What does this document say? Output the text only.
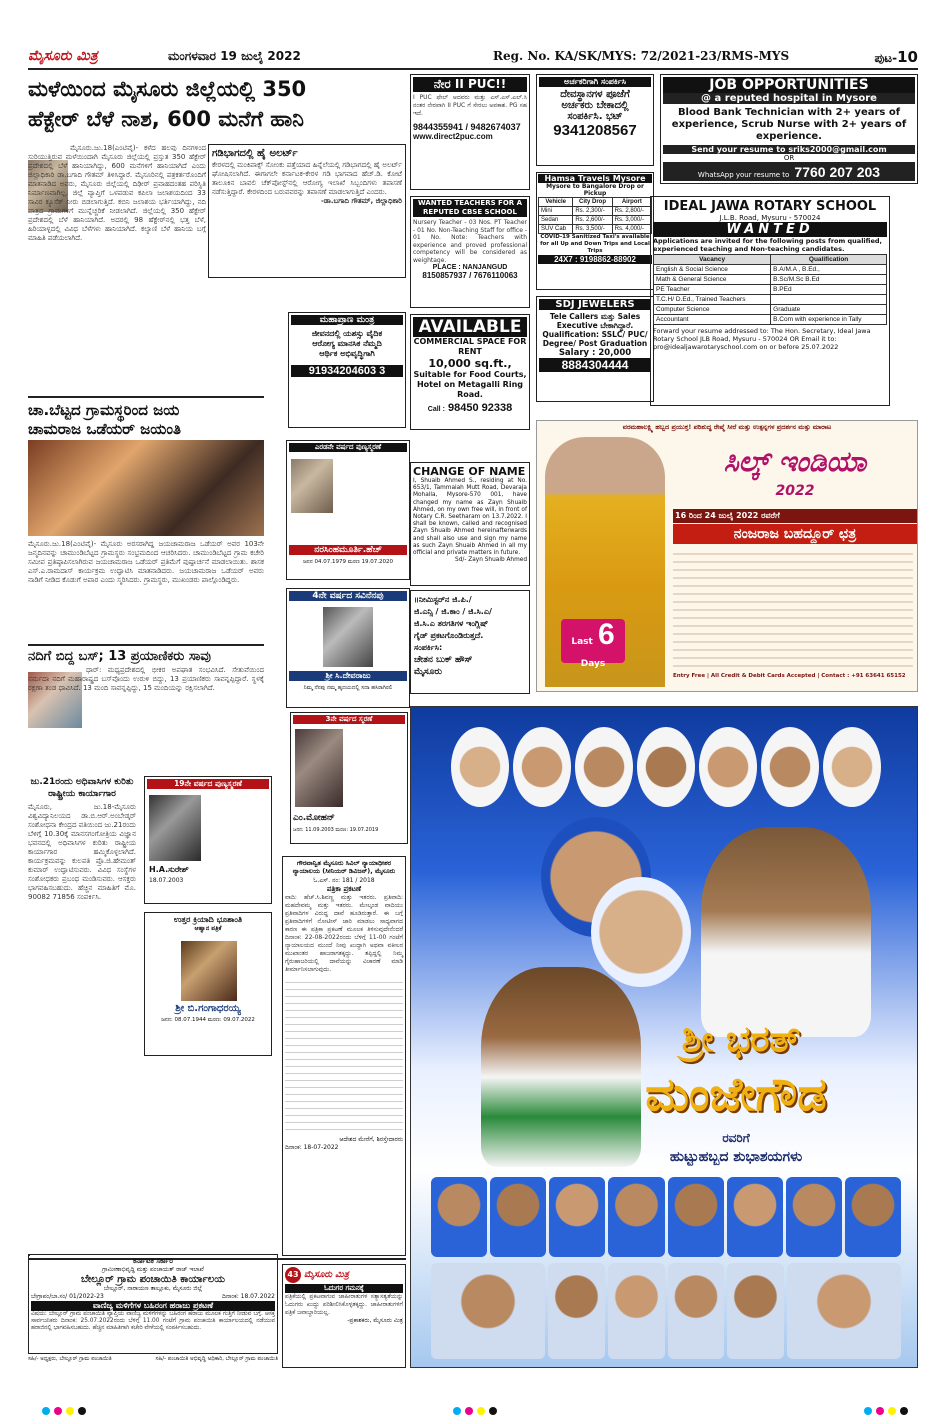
ಮೈಸೂರು ಮಿತ್ರ	ಮಂಗಳವಾರ 19 ಜುಲೈ 2022	Reg. No. KA/SK/MYS: 72/2021-23/RMS-MYS	ಪುಟ-10
ಮಳೆಯಿಂದ ಮೈಸೂರು ಜಿಲ್ಲೆಯಲ್ಲಿ 350
ಹೆಕ್ಟೇರ್ ಬೆಳೆ ನಾಶ, 600 ಮನೆಗೆ ಹಾನಿ
ಮೈಸೂರು.ಜು.18(ಎಂಟಿವೈ)- ಕಳೆದ ಹಲವು ದಿನಗಳಿಂದ ಸುರಿಯುತ್ತಿರುವ ಮಳೆಯಿಂದಾಗಿ ಮೈಸೂರು ಜಿಲ್ಲೆಯಲ್ಲಿ ಪ್ರಸ್ತುತ 350 ಹೆಕ್ಟೇರ್ ಪ್ರದೇಶದಲ್ಲಿ ಬೆಳೆ ಹಾನಿಯಾಗಿದ್ದು, 600 ಮನೆಗಳಿಗೆ ಹಾನಿಯಾಗಿದೆ ಎಂದು ಜಿಲ್ಲಾಧಿಕಾರಿ ಡಾ.ಬಗಾದಿ ಗೌತಮ್ ತಿಳಿಸಿದ್ದಾರೆ. ಮೈಸೂರಿನಲ್ಲಿ ಪತ್ರಕರ್ತರೊಂದಿಗೆ ಮಾತನಾಡಿದ ಅವರು, ಮೈಸೂರು ಜಿಲ್ಲೆಯಲ್ಲಿ ದಿಢೀರ್ ಪ್ರವಾಹದಂತಹ ಪರಿಸ್ಥಿತಿ ನಿರ್ಮಾಣವಾಗಿಲ್ಲ. ಜಿಲ್ಲೆ ವ್ಯಾಪ್ತಿಗೆ ಒಳಪಡುವ ಕಪಿಲಾ ಜಲಾಶಯದಿಂದ 33 ಸಾವಿರ ಕ್ಯೂಸೆಕ್ ನೀರು ಬಿಡಲಾಗುತ್ತಿದೆ. ಕಬಿನಿ ಜಲಾಶಯ ಭರ್ತಿಯಾಗಿದ್ದು, ನದಿ ಪಾತ್ರದ ಗ್ರಾಮಗಳಿಗೆ ಮುನ್ನೆಚ್ಚರಿಕೆ ನೀಡಲಾಗಿದೆ. ಜಿಲ್ಲೆಯಲ್ಲಿ 350 ಹೆಕ್ಟೇರ್ ಪ್ರದೇಶದಲ್ಲಿ ಬೆಳೆ ಹಾನಿಯಾಗಿದೆ. ಅದರಲ್ಲಿ 98 ಹೆಕ್ಟೇರ್‌ನಲ್ಲಿ ಭತ್ತ ಬೆಳೆ, ಹಿರಿಯಾಳ್ಳದಲ್ಲಿ ವಿವಿಧ ಬೆಳೆಗಳು ಹಾನಿಯಾಗಿದೆ. ಕಲ್ಯಾಣಿ ಬೆಳೆ ಹಾನಿಯ ಬಗ್ಗೆ ಮಾಹಿತಿ ಪಡೆಯಲಾಗಿದೆ.
ಗಡಿಭಾಗದಲ್ಲಿ ಹೈ ಅಲರ್ಟ್
ಕೇರಳದಲ್ಲಿ ಮಂಕಿಪಾಕ್ಸ್ ಸೋಂಕು ಪತ್ತೆಯಾದ ಹಿನ್ನೆಲೆಯಲ್ಲಿ ಗಡಿಭಾಗದಲ್ಲಿ ಹೈ ಅಲರ್ಟ್ ಘೋಷಿಸಲಾಗಿದೆ. ಈಗಾಗಲೇ ಕರ್ನಾಟಕ-ಕೇರಳ ಗಡಿ ಭಾಗವಾದ ಹೆಚ್.ಡಿ. ಕೋಟೆ ತಾಲೂಕಿನ ಬಾವಲಿ ಚೆಕ್‌ಪೋಸ್ಟ್‌ನಲ್ಲಿ ಆರೋಗ್ಯ ಇಲಾಖೆ ಸಿಬ್ಬಂದಿಗಳು ತಪಾಸಣೆ ನಡೆಸುತ್ತಿದ್ದಾರೆ. ಕೇರಳದಿಂದ ಬರುವವರನ್ನು ತಪಾಸಣೆ ಮಾಡಲಾಗುತ್ತಿದೆ ಎಂದರು.
-ಡಾ.ಬಗಾದಿ ಗೌತಮ್, ಜಿಲ್ಲಾಧಿಕಾರಿ
ನೇರ II PUC!!
I PUC ಫೇಲ್ ಆದವರು ಮತ್ತು ಎಸ್.ಎಸ್.ಎಲ್.ಸಿ ನಂತರ ನೇರವಾಗಿ II PUC ಗೆ ಸೇರಲು ಅವಕಾಶ. PG ಸಹ ಇದೆ.
9844355941 / 9482674037
www.direct2puc.com
WANTED TEACHERS FOR A REPUTED CBSE SCHOOL
Nursery Teacher - 03 Nos. PT Teacher - 01 No. Non-Teaching Staff for office - 01 No. Note: Teachers with experience and proved professional competency will be considered as weightage.
PLACE : NANJANGUD
8150857937 / 7676110063
AVAILABLE
COMMERCIAL SPACE FOR RENT
10,000 sq.ft.,
Suitable for Food Courts, Hotel on Metagalli Ring Road.
Call : 98450 92338
ಅರ್ಚಕರಿಗಾಗಿ ಸಂಪರ್ಕಿಸಿ
ದೇವಸ್ಥಾನಗಳ ಪೂಜೆಗೆ
ಅರ್ಚಕರು ಬೇಕಾದಲ್ಲಿ
ಸಂಪರ್ಕಿಸಿ. ಭಟ್
9341208567
Hamsa Travels Mysore
Mysore to Bangalore Drop or Pickup
Vehicle	City Drop	Airport
Mini	Rs. 2,300/-	Rs. 2,800/-
Sedan	Rs. 2,600/-	Rs. 3,000/-
SUV Cab	Rs. 3,500/-	Rs. 4,000/-
COVID-19 Sanitized Taxi's available for all Up and Down Trips and Local Trips
24X7 : 9198862-88902
SDJ JEWELERS
Tele Callers ಮತ್ತು Sales Executive ಬೇಕಾಗಿದ್ದಾರೆ.
Qualification: SSLC/ PUC/ Degree/ Post Graduation
Salary : 20,000
8884304444
JOB OPPORTUNITIES
@ a reputed hospital in Mysore
Blood Bank Technician with 2+ years of experience, Scrub Nurse with 2+ years of experience.
Send your resume to sriks2000@gmail.com
OR
WhatsApp your resume to 7760 207 203
IDEAL JAWA ROTARY SCHOOL
J.L.B. Road, Mysuru - 570024
WANTED
Applications are invited for the following posts from qualified, experienced teaching and Non-teaching candidates.
Vacancy	Qualification
English & Social Science	B.A/M.A , B.Ed.,
Math & General Science	B.Sc/M.Sc B.Ed
PE Teacher	B.PEd
T.C.H/ D.Ed., Trained Teachers	
Computer Science	Graduate
Accountant	B.Com with experience in Tally
Forward your resume addressed to: The Hon. Secretary, Ideal Jawa Rotary School JLB Road, Mysuru - 570024 OR Email it to: pro@idealjawarotaryschool.com on or before 25.07.2022
ವರಮಹಾಲಕ್ಷ್ಮಿ ಹಬ್ಬದ ಪ್ರಯುಕ್ತ! ಪರಿಶುದ್ಧ ರೇಷ್ಮೆ ಸೀರೆ ಮತ್ತು ಉತ್ಪನ್ನಗಳ ಪ್ರದರ್ಶನ ಮತ್ತು ಮಾರಾಟ
Last 6 Days
ಸಿಲ್ಕ್ ಇಂಡಿಯಾ
2022
16 ರಿಂದ 24 ಜುಲೈ 2022 ರವರೆಗೆ
ನಂಜರಾಜ ಬಹದ್ದೂರ್ ಛತ್ರ
Entry Free | All Credit & Debit Cards Accepted | Contact : +91 63641 65152
ಚಾ.ಬೆಟ್ಟದ ಗ್ರಾಮಸ್ಥರಿಂದ ಜಯ
ಚಾಮರಾಜ ಒಡೆಯರ್ ಜಯಂತಿ
ಮೈಸೂರು.ಜು.18(ಎಂಟಿವೈ)- ಮೈಸೂರು ಅರಸರಾಗಿದ್ದ ಜಯಚಾಮರಾಜ ಒಡೆಯರ್ ಅವರ 103ನೇ ಜನ್ಮದಿನವನ್ನು ಚಾಮುಂಡಿಬೆಟ್ಟದ ಗ್ರಾಮಸ್ಥರು ಸಂಭ್ರಮದಿಂದ ಆಚರಿಸಿದರು. ಚಾಮುಂಡಿಬೆಟ್ಟದ ಗ್ರಾಮ ಕಚೇರಿ ಸಮೀಪ ಪ್ರತಿಷ್ಠಾಪಿಸಲಾಗಿರುವ ಜಯಚಾಮರಾಜ ಒಡೆಯರ್ ಪ್ರತಿಮೆಗೆ ಪುಷ್ಪಾರ್ಚನೆ ಮಾಡಲಾಯಿತು. ಶಾಸಕ ಎಸ್.ಎ.ರಾಮದಾಸ್ ಕಾರ್ಯಕ್ರಮ ಉದ್ಘಾಟಿಸಿ ಮಾತನಾಡಿದರು. ಜಯಚಾಮರಾಜ ಒಡೆಯರ್ ಅವರು ನಾಡಿಗೆ ನೀಡಿದ ಕೊಡುಗೆ ಅಪಾರ ಎಂದು ಸ್ಮರಿಸಿದರು. ಗ್ರಾಮಸ್ಥರು, ಮುಖಂಡರು ಪಾಲ್ಗೊಂಡಿದ್ದರು.
ನದಿಗೆ ಬಿದ್ದ ಬಸ್; 13 ಪ್ರಯಾಣಿಕರು ಸಾವು
ಧಾರ್: ಮಧ್ಯಪ್ರದೇಶದಲ್ಲಿ ಭೀಕರ ಅಪಘಾತ ಸಂಭವಿಸಿದೆ. ಸೇತುವೆಯಿಂದ ನರ್ಮದಾ ನದಿಗೆ ಮಹಾರಾಷ್ಟ್ರದ ಬಸ್‌ವೊಂದು ಉರುಳಿ ಬಿದ್ದು, 13 ಪ್ರಯಾಣಿಕರು ಸಾವನ್ನಪ್ಪಿದ್ದಾರೆ. ಸ್ಥಳಕ್ಕೆ ರಕ್ಷಣಾ ತಂಡ ಧಾವಿಸಿದೆ. 13 ಮಂದಿ ಸಾವನ್ನಪ್ಪಿದ್ದು, 15 ಮಂದಿಯನ್ನು ರಕ್ಷಿಸಲಾಗಿದೆ.
ಜು.21ರಂದು ಅಧಿವಾಸಿಗಳ ಕುರಿತು ರಾಷ್ಟ್ರೀಯ ಕಾರ್ಯಾಗಾರ
ಮೈಸೂರು, ಜು.18-ಮೈಸೂರು ವಿಶ್ವವಿದ್ಯಾನಿಲಯದ ಡಾ.ಬಿ.ಆರ್.ಅಂಬೇಡ್ಕರ್ ಸಂಶೋಧನಾ ಕೇಂದ್ರದ ವತಿಯಿಂದ ಜು.21ರಂದು ಬೆಳಿಗ್ಗೆ 10.30ಕ್ಕೆ ಮಾನಸಗಂಗೋತ್ರಿಯ ವಿಜ್ಞಾನ ಭವನದಲ್ಲಿ ಅಧಿವಾಸಿಗಳ ಕುರಿತು ರಾಷ್ಟ್ರೀಯ ಕಾರ್ಯಾಗಾರ ಹಮ್ಮಿಕೊಳ್ಳಲಾಗಿದೆ. ಕಾರ್ಯಕ್ರಮವನ್ನು ಕುಲಪತಿ ಪ್ರೊ.ಜಿ.ಹೇಮಂತ್ ಕುಮಾರ್ ಉದ್ಘಾಟಿಸುವರು. ವಿವಿಧ ಸಂಸ್ಥೆಗಳ ಸಂಶೋಧಕರು ಪ್ರಬಂಧ ಮಂಡಿಸುವರು. ಆಸಕ್ತರು ಭಾಗವಹಿಸಬಹುದು. ಹೆಚ್ಚಿನ ಮಾಹಿತಿಗೆ ಮೊ. 90082 71856 ಸಂಪರ್ಕಿಸಿ.
ಮಹಾಪ್ರಾಣ ಮಂತ್ರ
ಜೀವನದಲ್ಲಿ ಯಶಸ್ಸು ವೈದಿಕ
ಆರೋಗ್ಯ ಮಾನಸಿಕ ನೆಮ್ಮದಿ
ಆರ್ಥಿಕ ಅಭಿವೃದ್ಧಿಗಾಗಿ
91934204603 3
ಎರಡನೇ ವರ್ಷದ ಪುಣ್ಯಸ್ಮರಣೆ
ನರಸಿಂಹಮೂರ್ತಿ.ಹೆಚ್
ಜನನ 04.07.1979 ಮರಣ 19.07.2020
4ನೇ ವರ್ಷದ ಸವಿನೆನಪು
ಶ್ರೀ ಸಿ.ದೇವರಾಜು
ನಿಮ್ಮ ನೆನಪು ನಮ್ಮ ಹೃದಯದಲ್ಲಿ ಸದಾ ಹಸಿರಾಗಿರಲಿ
3ನೇ ವರ್ಷದ ಸ್ಮರಣೆ
ಎಂ.ಮೋಹನ್
ಜನನ: 11.09.2003 ಮರಣ: 19.07.2019
19ನೇ ವರ್ಷದ ಪುಣ್ಯಸ್ಮರಣೆ
H.A.ಸುರೇಶ್
18.07.2003
ಉತ್ತರ ಕ್ರಿಯಾದಿ ಭೂಶಾಂತಿ
ಆಹ್ವಾನ ಪತ್ರಿಕೆ
ಶ್ರೀ ಬಿ.ಗಂಗಾಧರಯ್ಯ
ಜನನ: 08.07.1944 ಮರಣ: 09.07.2022
CHANGE OF NAME
I, Shuaib Ahmed S., residing at No. 653/1, Tammaiah Mutt Road, Devaraja Mohalla, Mysore-570 001, have changed my name as Zayn Shuaib Ahmed, on my own free will, in front of Notary C.R. Seetharam on 13.7.2022. I shall be known, called and recognised Zayn Shuaib Ahmed hereinafterwards and shall also use and sign my name as such Zayn Shuaib Ahmed in all my official and private matters in future.
Sd/- Zayn Shuaib Ahmed
॥ನೀಮಿಸ್ಟರ್‌ನ ಜಿ.ಪಿ./
ಜಿ.ಎನ್ಸಿ / ಜಿ.ಕಾಂ / ಜಿ.ಸಿ.ಎ/
ಜಿ.ಸಿ.ಎ ತರಗತಿಗಳ ಇಂಗ್ಲಿಷ್
ಗೈಡ್ ಪ್ರಕಟಗೊಂಡಿರುತ್ತದೆ.
ಸಂಪರ್ಕಿಸಿ:
ಚೇತನ ಬುಕ್ ಹೌಸ್
ಮೈಸೂರು
ಗೌರವಾನ್ವಿತ ಮೈಸೂರು ಸಿವಿಲ್ ನ್ಯಾಯಾಧೀಶರ ನ್ಯಾಯಾಲಯ (ಸೀನಿಯರ್ ಡಿವಿಜನ್), ಮೈಸೂರು
ಓ.ಎಸ್. ನಂ: 181 / 2018
ಪತ್ರಿಕಾ ಪ್ರಕಟಣೆ
ವಾದಿ: ಹೆಚ್.ಸಿ.ಶಿವಣ್ಣ ಮತ್ತು ಇತರರು. ಪ್ರತಿವಾದಿ: ಮಹದೇವಮ್ಮ ಮತ್ತು ಇತರರು. ಮೇಲ್ಕಂಡ ವಾದಿಯು ಪ್ರತಿವಾದಿಗಳ ವಿರುದ್ಧ ದಾವೆ ಹೂಡಿರುತ್ತಾರೆ. ಈ ಬಗ್ಗೆ ಪ್ರತಿವಾದಿಗಳಿಗೆ ನೋಟೀಸ್ ಜಾರಿ ಮಾಡಲು ಸಾಧ್ಯವಾಗದ ಕಾರಣ ಈ ಪತ್ರಿಕಾ ಪ್ರಕಟಣೆ ಮೂಲಕ ತಿಳಿಸುವುದೇನೆಂದರೆ ದಿನಾಂಕ: 22-08-2022ರಂದು ಬೆಳಿಗ್ಗೆ 11-00 ಗಂಟೆಗೆ ನ್ಯಾಯಾಲಯದ ಮುಂದೆ ನೀವು ಖುದ್ದಾಗಿ ಅಥವಾ ವಕೀಲರ ಮುಖಾಂತರ ಹಾಜರಾಗತಕ್ಕದ್ದು. ತಪ್ಪಿದ್ದಲ್ಲಿ ನಿಮ್ಮ ಗೈರುಹಾಜರಿಯಲ್ಲಿ ದಾವೆಯನ್ನು ವಿಚಾರಣೆ ಮಾಡಿ ತೀರ್ಮಾನಿಸಲಾಗುವುದು.
ಆದೇಶದ ಮೇರೆಗೆ, ಶಿರಸ್ತೇದಾರರು
ದಿನಾಂಕ: 18-07-2022
ಕರ್ನಾಟಕ ಸರ್ಕಾರ
ಗ್ರಾಮೀಣಾಭಿವೃದ್ಧಿ ಮತ್ತು ಪಂಚಾಯತ್ ರಾಜ್ ಇಲಾಖೆ
ಬೇಲ್ಲೂರ್ ಗ್ರಾಮ ಪಂಚಾಯಿತಿ ಕಾರ್ಯಾಲಯ
ಬೇಲ್ಲೂರ್, ನಾರಾಯಣ ತಾಲ್ಲೂಕು, ಮೈಸೂರು ಜಿಲ್ಲೆ
ಬೇಗ್ರಾಪಂ/ಬಾ.ಸಂ/ 01/2022-23	ದಿನಾಂಕ: 18.07.2022
ವಾಣಿಜ್ಯ ಮಳಿಗೆಗಳ ಬಹಿರಂಗ ಹರಾಜು ಪ್ರಕಟಣೆ
ವಿಷಯ: ಬೇಲ್ಲೂರ್ ಗ್ರಾಮ ಪಂಚಾಯಿತಿ ವ್ಯಾಪ್ತಿಯ ವಾಣಿಜ್ಯ ಮಳಿಗೆಗಳನ್ನು ಬಹಿರಂಗ ಹರಾಜು ಮೂಲಕ ಗುತ್ತಿಗೆ ನೀಡುವ ಬಗ್ಗೆ. ಆಸಕ್ತ ಸಾರ್ವಜನಿಕರು ದಿನಾಂಕ: 25.07.2022ರಂದು ಬೆಳಿಗ್ಗೆ 11.00 ಗಂಟೆಗೆ ಗ್ರಾಮ ಪಂಚಾಯಿತಿ ಕಾರ್ಯಾಲಯದಲ್ಲಿ ನಡೆಯುವ ಹರಾಜಿನಲ್ಲಿ ಭಾಗವಹಿಸಬಹುದು. ಹೆಚ್ಚಿನ ಮಾಹಿತಿಗಾಗಿ ಕಚೇರಿ ವೇಳೆಯಲ್ಲಿ ಸಂಪರ್ಕಿಸಬಹುದು.
ಸಹಿ/- ಅಧ್ಯಕ್ಷರು, ಬೇಲ್ಲೂರ್ ಗ್ರಾಮ ಪಂಚಾಯಿತಿ	ಸಹಿ/- ಪಂಚಾಯಿತಿ ಅಭಿವೃದ್ಧಿ ಅಧಿಕಾರಿ, ಬೇಲ್ಲೂರ್ ಗ್ರಾಮ ಪಂಚಾಯಿತಿ
43 ಮೈಸೂರು ಮಿತ್ರ
ಓದುಗರ ಗಮನಕ್ಕೆ
ಪತ್ರಿಕೆಯಲ್ಲಿ ಪ್ರಕಟವಾಗುವ ಜಾಹೀರಾತುಗಳ ಸತ್ಯಾಸತ್ಯತೆಯನ್ನು ಓದುಗರು ಖುದ್ದು ಪರಿಶೀಲಿಸಿಕೊಳ್ಳತಕ್ಕದ್ದು. ಜಾಹೀರಾತುಗಳಿಗೆ ಪತ್ರಿಕೆ ಜವಾಬ್ದಾರಿಯಲ್ಲ.
-ಪ್ರಕಾಶಕರು, ಮೈಸೂರು ಮಿತ್ರ
ಶ್ರೀ ಭರತ್
ಮಂಜೇಗೌಡ
ರವರಿಗೆ
ಹುಟ್ಟುಹಬ್ಬದ ಶುಭಾಶಯಗಳು
